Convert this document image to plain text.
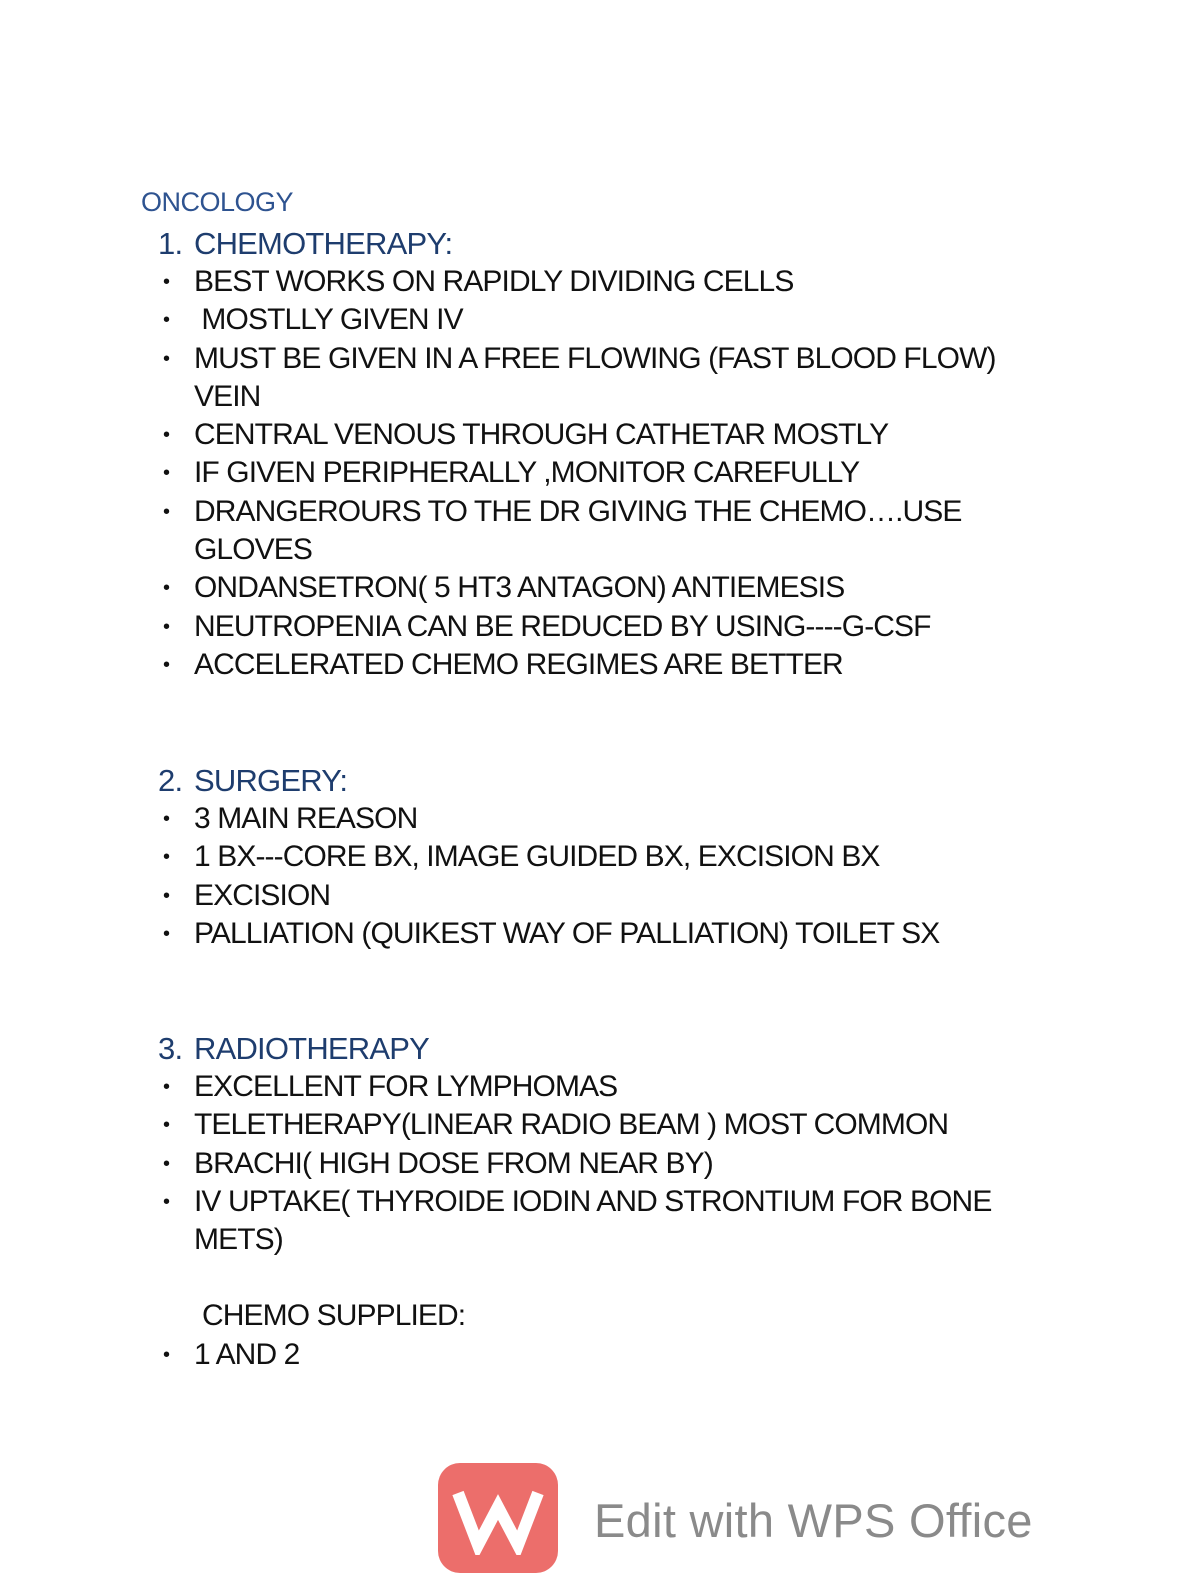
ONCOLOGY
1. CHEMOTHERAPY:
• BEST WORKS ON RAPIDLY DIVIDING CELLS
• MOSTLLY GIVEN IV
• MUST BE GIVEN IN A FREE FLOWING (FAST BLOOD FLOW) VEIN
• CENTRAL VENOUS THROUGH CATHETAR MOSTLY
• IF GIVEN PERIPHERALLY ,MONITOR CAREFULLY
• DRANGEROURS TO THE DR GIVING THE CHEMO….USE GLOVES
• ONDANSETRON( 5 HT3 ANTAGON) ANTIEMESIS
• NEUTROPENIA CAN BE REDUCED BY USING----G-CSF
• ACCELERATED CHEMO REGIMES ARE BETTER
2. SURGERY:
• 3 MAIN REASON
• 1 BX---CORE BX, IMAGE GUIDED BX, EXCISION BX
• EXCISION
• PALLIATION (QUIKEST WAY OF PALLIATION) TOILET SX
3. RADIOTHERAPY
• EXCELLENT FOR LYMPHOMAS
• TELETHERAPY(LINEAR RADIO BEAM ) MOST COMMON
• BRACHI( HIGH DOSE FROM NEAR BY)
• IV UPTAKE( THYROIDE IODIN AND STRONTIUM FOR BONE METS)
CHEMO SUPPLIED:
• 1 AND 2
Edit with WPS Office
